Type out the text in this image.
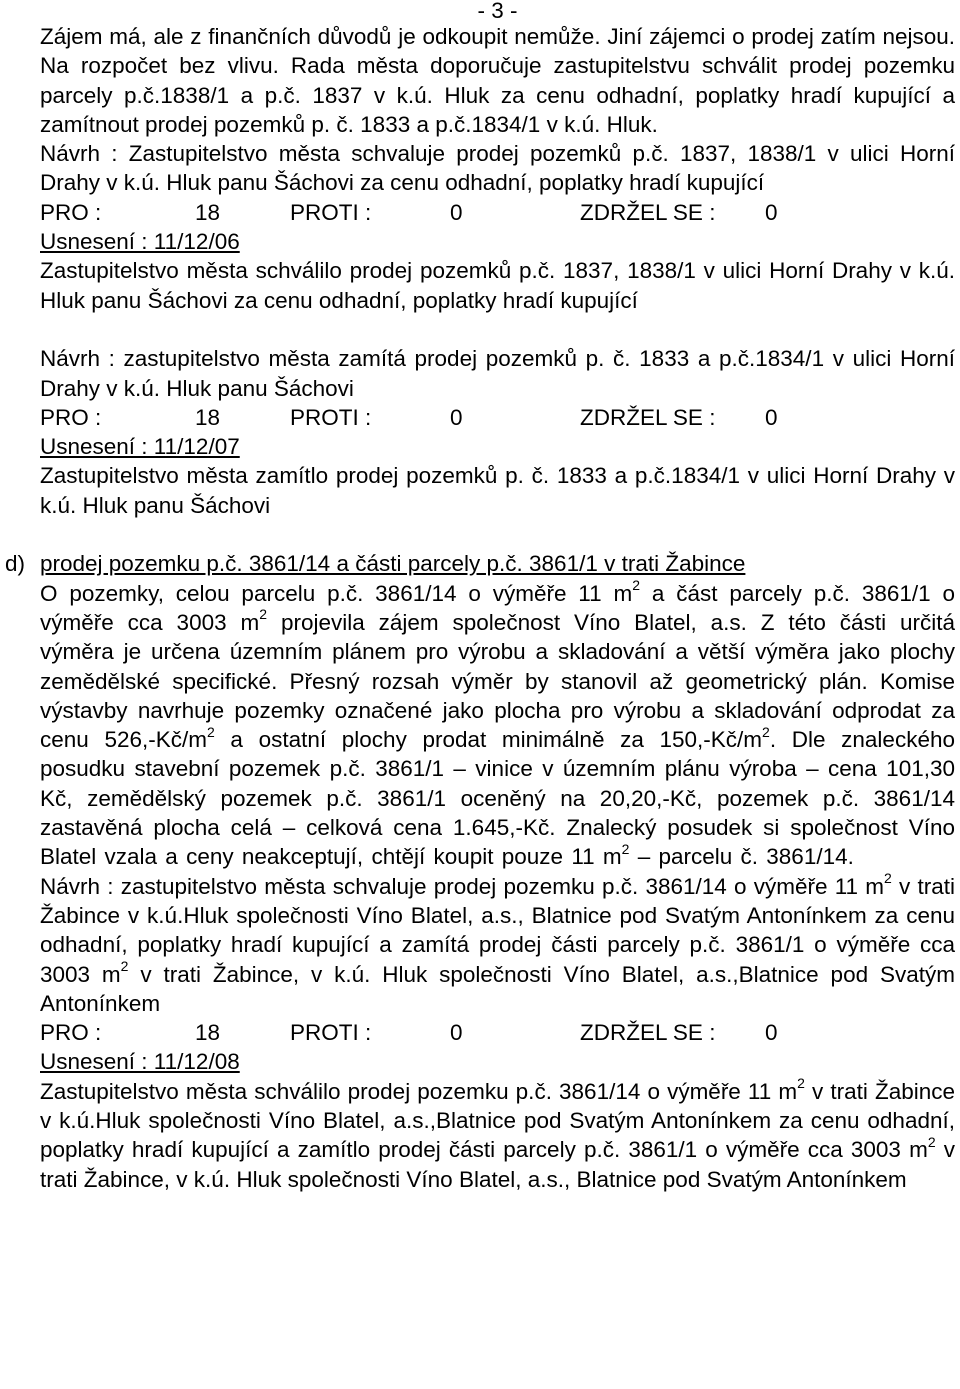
- 3 -

Zájem má, ale z finančních důvodů je odkoupit nemůže. Jiní zájemci o prodej zatím nejsou. Na rozpočet bez vlivu. Rada města doporučuje zastupitelstvu schválit prodej pozemku parcely p.č.1838/1 a p.č. 1837 v k.ú. Hluk za cenu odhadní, poplatky hradí kupující a zamítnout prodej pozemků p. č. 1833 a p.č.1834/1 v k.ú. Hluk.

Návrh : Zastupitelstvo města schvaluje prodej pozemků p.č. 1837, 1838/1 v ulici Horní Drahy v k.ú. Hluk panu Šáchovi za cenu odhadní, poplatky hradí kupující

PRO :	18	PROTI :	0	ZDRŽEL SE :	0

Usnesení : 11/12/06

Zastupitelstvo města schválilo prodej pozemků p.č. 1837, 1838/1 v ulici Horní Drahy v k.ú. Hluk panu Šáchovi za cenu odhadní, poplatky hradí kupující

Návrh : zastupitelstvo města zamítá prodej pozemků p. č. 1833 a p.č.1834/1 v ulici Horní Drahy v k.ú. Hluk panu Šáchovi

PRO :	18	PROTI :	0	ZDRŽEL SE :	0

Usnesení : 11/12/07

Zastupitelstvo města zamítlo prodej pozemků p. č. 1833 a p.č.1834/1 v ulici Horní Drahy v k.ú. Hluk panu Šáchovi

d) prodej pozemku p.č. 3861/14 a části parcely p.č. 3861/1 v trati Žabince

O pozemky, celou parcelu p.č. 3861/14 o výměře 11 $m^2$ a část parcely p.č. 3861/1 o výměře cca 3003 $m^2$ projevila zájem společnost Víno Blatel, a.s. Z této části určitá výměra je určena územním plánem pro výrobu a skladování a větší výměra jako plochy zemědělské specifické. Přesný rozsah výměr by stanovil až geometrický plán. Komise výstavby navrhuje pozemky označené jako plocha pro výrobu a skladování odprodat za cenu $526,-Kč/m^2$ a ostatní plochy prodat minimálně za $150,-Kč/m^2$. Dle znaleckého posudku stavební pozemek p.č. 3861/1 – vinice v územním plánu výroba – cena 101,30 Kč, zemědělský pozemek p.č. 3861/1 oceněný na 20,20,-Kč, pozemek p.č. 3861/14 zastavěná plocha celá – celková cena 1.645,-Kč. Znalecký posudek si společnost Víno Blatel vzala a ceny neakceptují, chtějí koupit pouze 11 $m^2$ – parcelu č. 3861/14.

Návrh : zastupitelstvo města schvaluje prodej pozemku p.č. 3861/14 o výměře 11 $m^2$ v trati Žabince v k.ú.Hluk společnosti Víno Blatel, a.s., Blatnice pod Svatým Antonínkem za cenu odhadní, poplatky hradí kupující a zamítá prodej části parcely p.č. 3861/1 o výměře cca 3003 $m^2$ v trati Žabince, v k.ú. Hluk společnosti Víno Blatel, a.s.,Blatnice pod Svatým Antonínkem

PRO :	18	PROTI :	0	ZDRŽEL SE :	0

Usnesení : 11/12/08

Zastupitelstvo města schválilo prodej pozemku p.č. 3861/14 o výměře 11 $m^2$ v trati Žabince v k.ú.Hluk společnosti Víno Blatel, a.s.,Blatnice pod Svatým Antonínkem za cenu odhadní, poplatky hradí kupující a zamítlo prodej části parcely p.č. 3861/1 o výměře cca 3003 $m^2$ v trati Žabince, v k.ú. Hluk společnosti Víno Blatel, a.s., Blatnice pod Svatým Antonínkem
